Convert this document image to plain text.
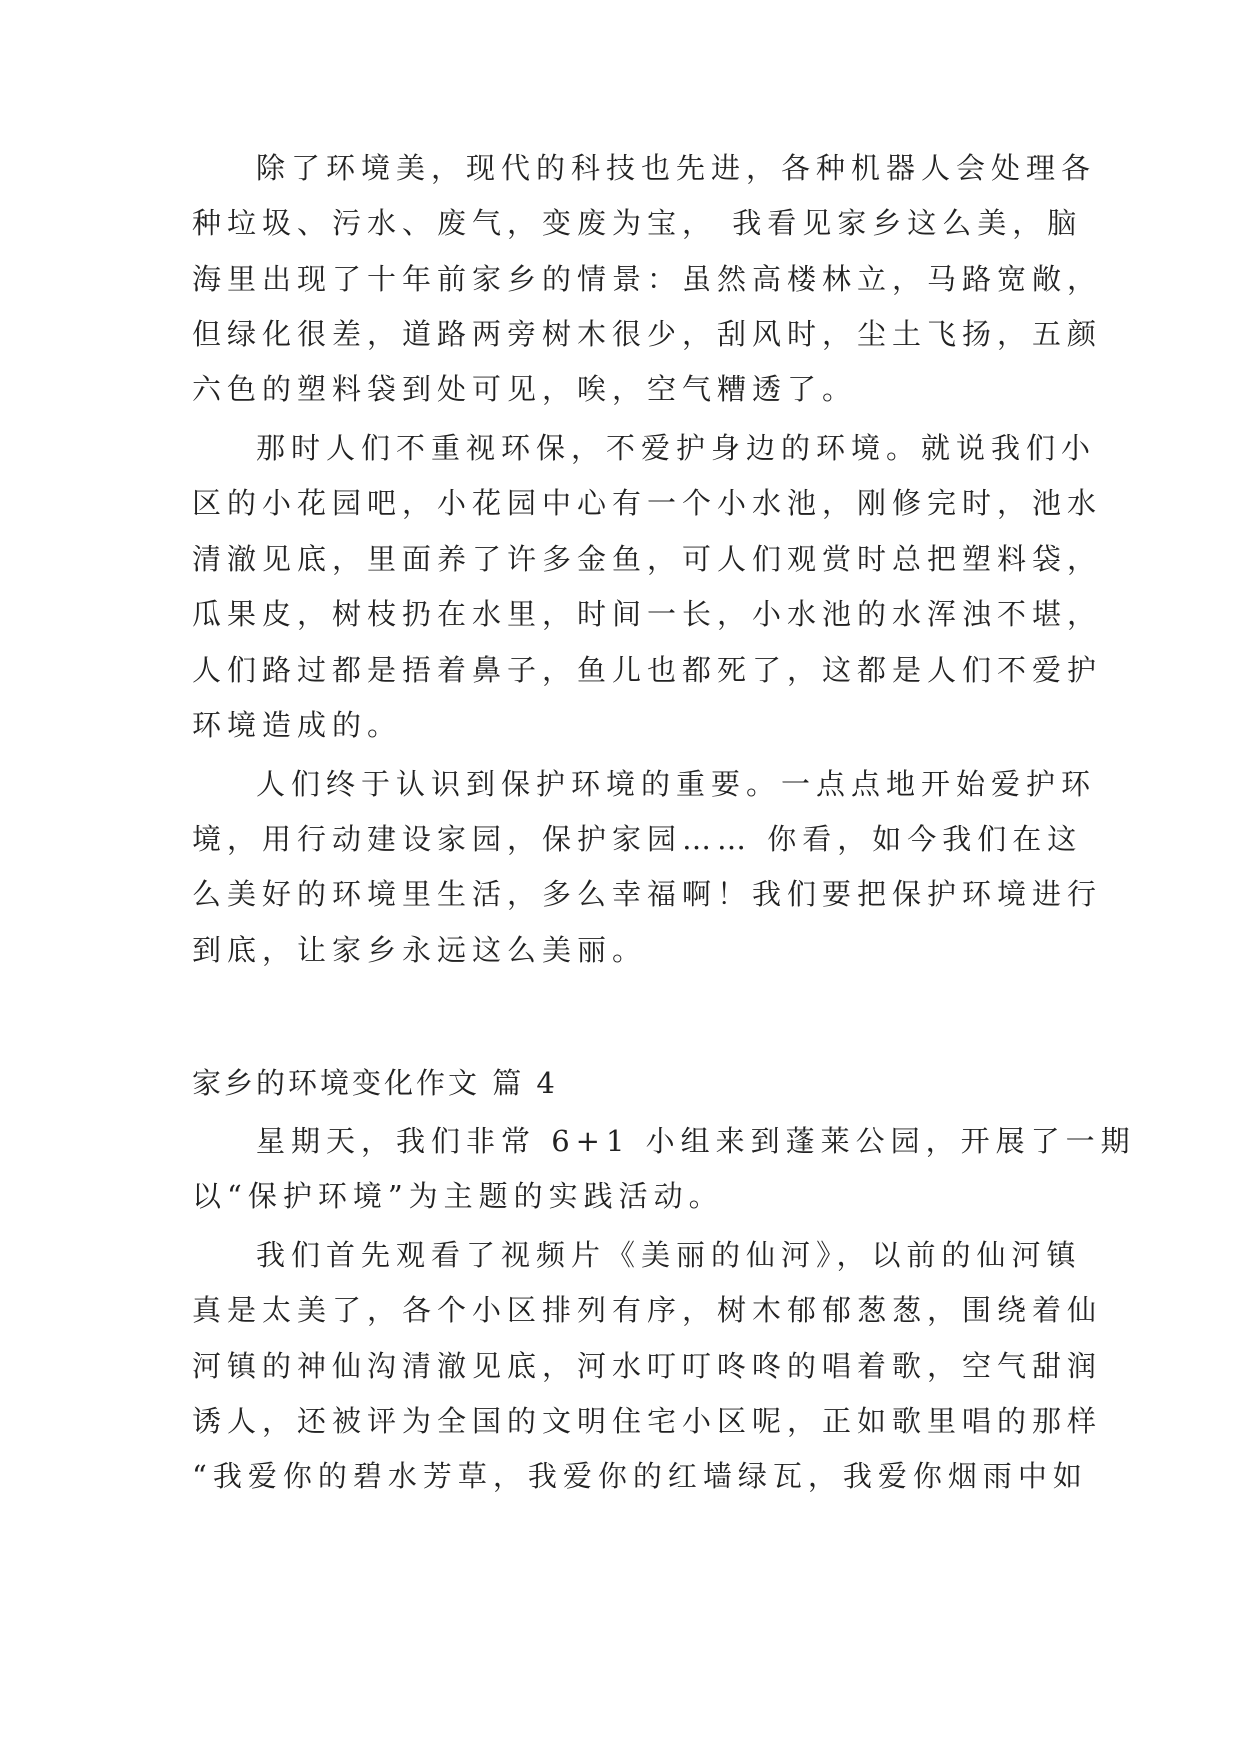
除了环境美，现代的科技也先进，各种机器人会处理各
种垃圾、污水、废气，变废为宝， 我看见家乡这么美，脑
海里出现了十年前家乡的情景：虽然高楼林立，马路宽敞，
但绿化很差，道路两旁树木很少，刮风时，尘土飞扬，五颜
六色的塑料袋到处可见，唉，空气糟透了。
那时人们不重视环保，不爱护身边的环境。就说我们小
区的小花园吧，小花园中心有一个小水池，刚修完时，池水
清澈见底，里面养了许多金鱼，可人们观赏时总把塑料袋，
瓜果皮，树枝扔在水里，时间一长，小水池的水浑浊不堪，
人们路过都是捂着鼻子，鱼儿也都死了，这都是人们不爱护
环境造成的。
人们终于认识到保护环境的重要。一点点地开始爱护环
境，用行动建设家园，保护家园…… 你看，如今我们在这
么美好的环境里生活，多么幸福啊！我们要把保护环境进行
到底，让家乡永远这么美丽。
家乡的环境变化作文 篇 4
星期天，我们非常 6+1 小组来到蓬莱公园，开展了一期
以“保护环境”为主题的实践活动。
我们首先观看了视频片《美丽的仙河》，以前的仙河镇
真是太美了，各个小区排列有序，树木郁郁葱葱，围绕着仙
河镇的神仙沟清澈见底，河水叮叮咚咚的唱着歌，空气甜润
诱人，还被评为全国的文明住宅小区呢，正如歌里唱的那样
“我爱你的碧水芳草，我爱你的红墙绿瓦，我爱你烟雨中如
